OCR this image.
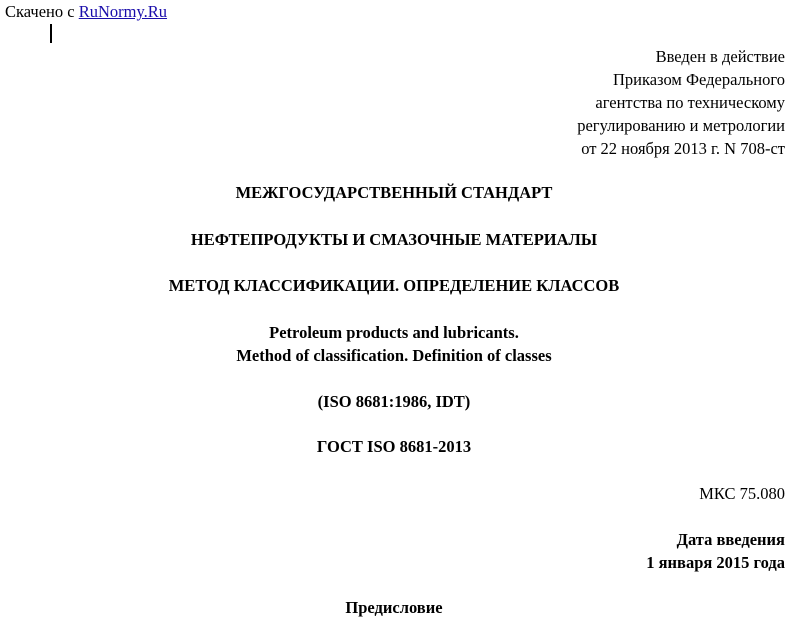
Скачено с RuNormy.Ru
Введен в действие
Приказом Федерального
агентства по техническому
регулированию и метрологии
от 22 ноября 2013 г. N 708-ст
МЕЖГОСУДАРСТВЕННЫЙ СТАНДАРТ
НЕФТЕПРОДУКТЫ И СМАЗОЧНЫЕ МАТЕРИАЛЫ
МЕТОД КЛАССИФИКАЦИИ. ОПРЕДЕЛЕНИЕ КЛАССОВ
Petroleum products and lubricants.
Method of classification. Definition of classes
(ISO 8681:1986, IDT)
ГОСТ ISO 8681-2013
МКС 75.080
Дата введения
1 января 2015 года
Предисловие
